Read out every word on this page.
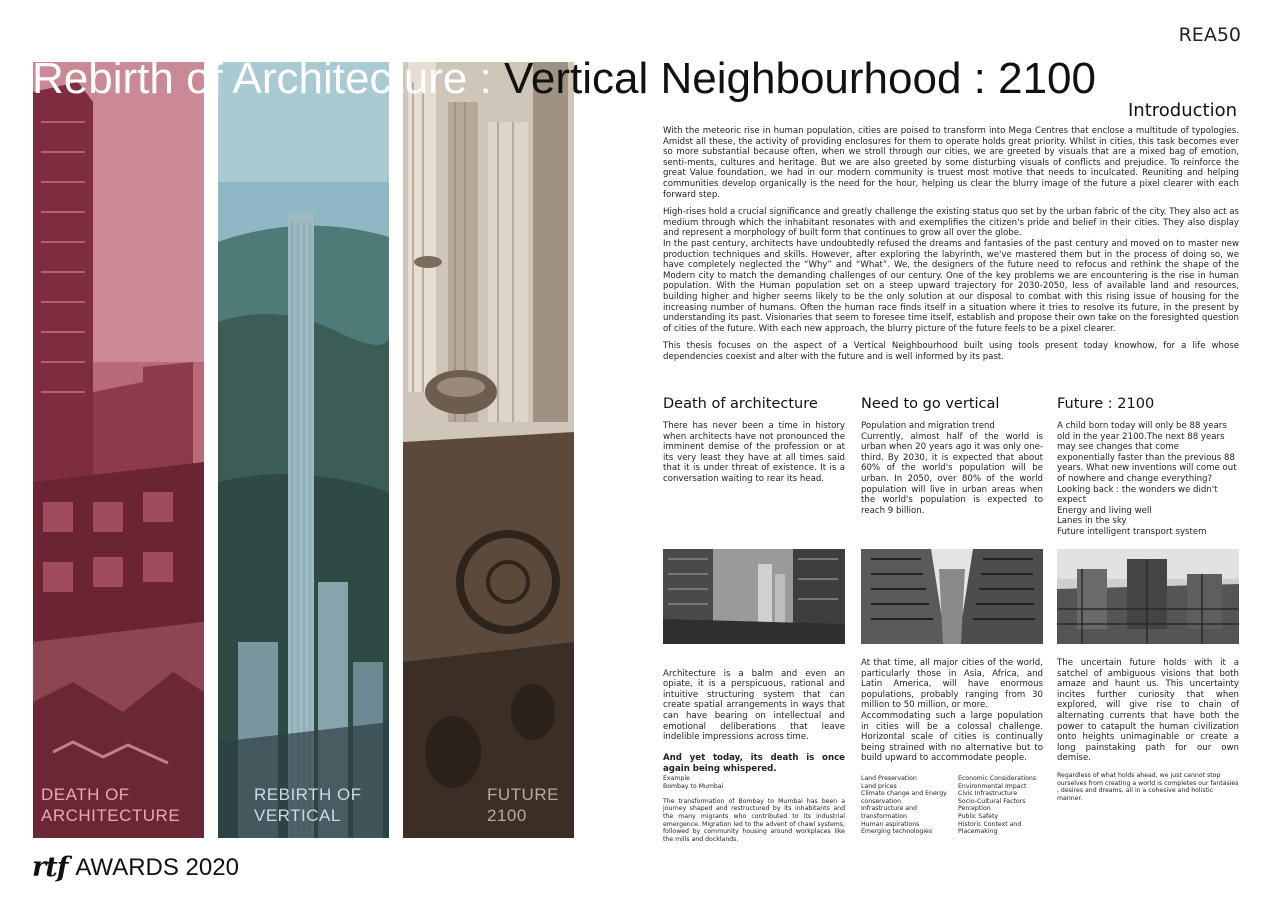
REA50
DEATH OF
ARCHITECTURE
REBIRTH OF
VERTICAL
FUTURE
2100
Rebirth of Architecture : Vertical Neighbourhood : 2100
Introduction

With the meteoric rise in human population, cities are poised to transform into Mega Centres that enclose a multitude of typologies. Amidst all these, the activity of providing enclosures for them to operate holds great priority. Whilst in cities, this task becomes ever so more substantial because often, when we stroll through our cities, we are greeted by visuals that are a mixed bag of emotion, senti-ments, cultures and heritage. But we are also greeted by some disturbing visuals of conflicts and prejudice. To reinforce the great Value foundation, we had in our modern community is truest most motive that needs to inculcated. Reuniting and helping communities develop organically is the need for the hour, helping us clear the blurry image of the future a pixel clearer with each forward step.

High-rises hold a crucial significance and greatly challenge the existing status quo set by the urban fabric of the city. They also act as medium through which the inhabitant resonates with and exemplifies the citizen's pride and belief in their cities. They also display and represent a morphology of built form that continues to grow all over the globe.

In the past century, architects have undoubtedly refused the dreams and fantasies of the past century and moved on to master new production techniques and skills. However, after exploring the labyrinth, we've mastered them but in the process of doing so, we have completely neglected the “Why” and “What”. We, the designers of the future need to refocus and rethink the shape of the Modern city to match the demanding challenges of our century. One of the key problems we are encountering is the rise in human population. With the Human population set on a steep upward trajectory for 2030-2050, less of available land and resources, building higher and higher seems likely to be the only solution at our disposal to combat with this rising issue of housing for the increasing number of humans. Often the human race finds itself in a situation where it tries to resolve its future, in the present by understanding its past. Visionaries that seem to foresee time itself, establish and propose their own take on the foresighted question of cities of the future. With each new approach, the blurry picture of the future feels to be a pixel clearer.

This thesis focuses on the aspect of a Vertical Neighbourhood built using tools present today knowhow, for a life whose dependencies coexist and alter with the future and is well informed by its past.

Death of architecture	Need to go vertical	Future : 2100
There has never been a time in history when architects have not pronounced the imminent demise of the profession or at its very least they have at all times said that it is under threat of existence. It is a conversation waiting to rear its head.
Population and migration trend
Currently, almost half of the world is urban when 20 years ago it was only one-third. By 2030, it is expected that about 60% of the world's population will be urban. In 2050, over 80% of the world population will live in urban areas when the world's population is expected to reach 9 billion.
A child born today will only be 88 years old in the year 2100.The next 88 years may see changes that come exponentially faster than the previous 88 years. What new inventions will come out of nowhere and change everything?
Looking back : the wonders we didn't expect
Energy and living well
Lanes in the sky
Future intelligent transport system

Architecture is a balm and even an opiate, it is a perspicuous, rational and intuitive structuring system that can create spatial arrangements in ways that can have bearing on intellectual and emotional deliberations that leave indelible impressions across time.

And yet today, its death is once again being whispered.

At that time, all major cities of the world, particularly those in Asia, Africa, and Latin America, will have enormous populations, probably ranging from 30 million to 50 million, or more.
Accommodating such a large population in cities will be a colossal challenge. Horizontal scale of cities is continually being strained with no alternative but to build upward to accommodate people.
The uncertain future holds with it a satchel of ambiguous visions that both amaze and haunt us. This uncertainty incites further curiosity that when explored, will give rise to chain of alternating currents that have both the power to catapult the human civilization onto heights unimaginable or create a long painstaking path for our own demise.
Example
Bombay to Mumbai

The transformation of Bombay to Mumbai has been a journey shaped and restructured by its inhabitants and the many migrants who contributed to its industrial emergence. Migration led to the advent of chawl systems, followed by community housing around workplaces like the mills and docklands.
Land Preservation
Land prices
Climate change and Energy conservation
Infrastructure and transformation
Human aspirations
Emerging technologies
Economic Considerations
Environmental Impact
Civic Infrastructure
Socio-Cultural Factors
Perception
Public Safety
Historic Context and Placemaking
Regardless of what holds ahead, we just cannot stop ourselves from creating a world is completes our fantasies , desires and dreams, all in a cohesive and holistic manner.
rtf AWARDS 2020
